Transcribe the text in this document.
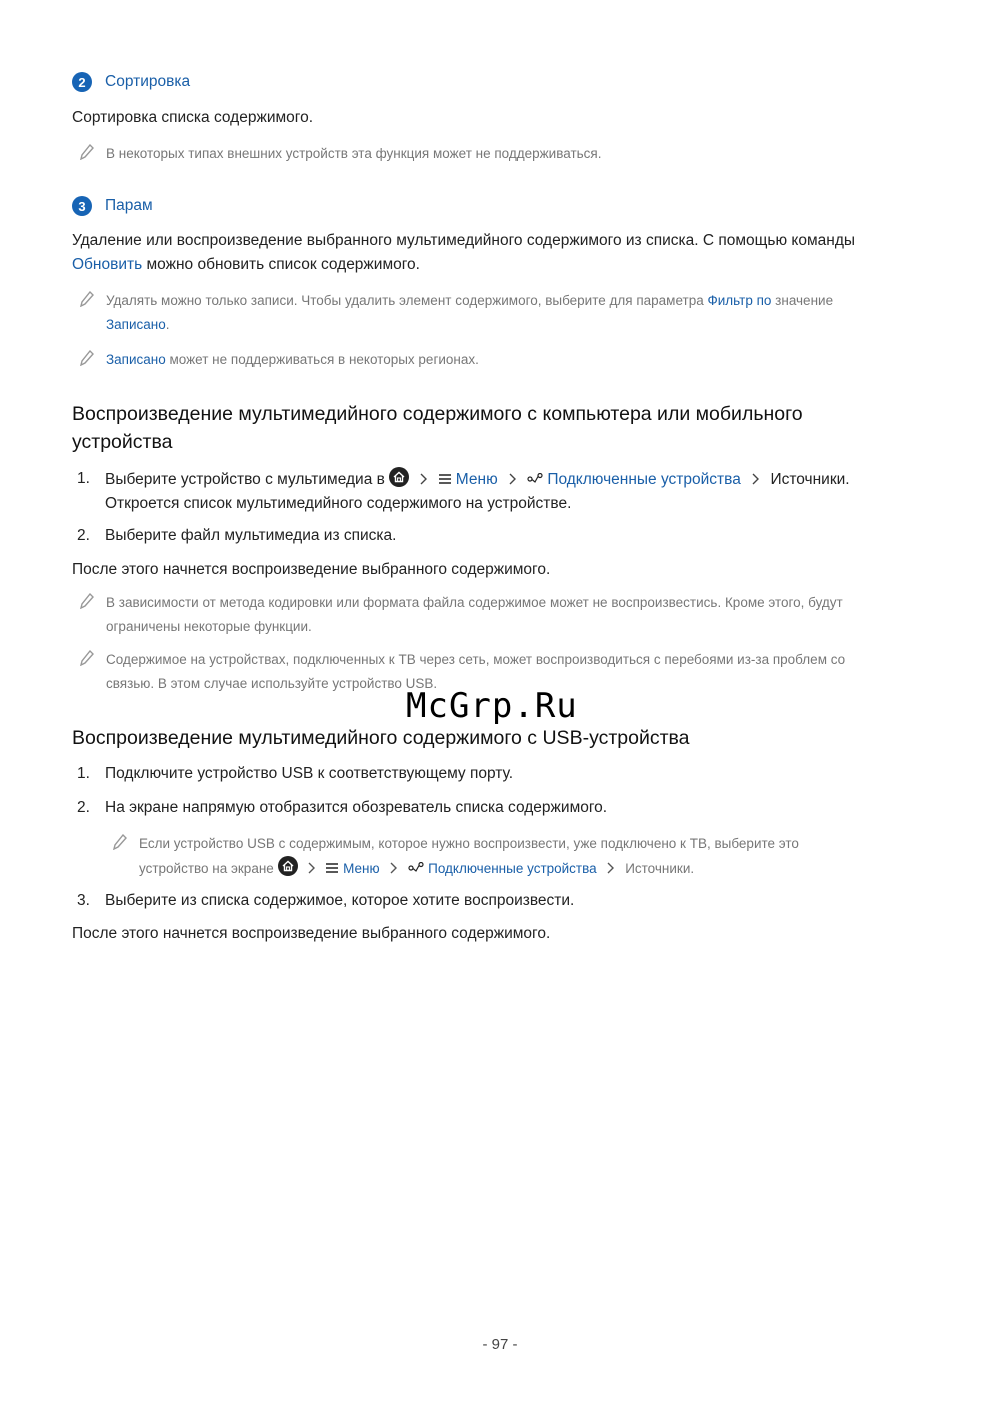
2	Сортировка
Сортировка списка содержимого.
В некоторых типах внешних устройств эта функция может не поддерживаться.
3	Парам
Удаление или воспроизведение выбранного мультимедийного содержимого из списка. С помощью команды
Обновить можно обновить список содержимого.
Удалять можно только записи. Чтобы удалить элемент содержимого, выберите для параметра Фильтр по значение
Записано.
Записано может не поддерживаться в некоторых регионах.
Воспроизведение мультимедийного содержимого с компьютера или мобильного
устройства
1. Выберите устройство с мультимедиа в	Меню	Подключенные устройства Источники.
Откроется список мультимедийного содержимого на устройстве.
2. Выберите файл мультимедиа из списка.
После этого начнется воспроизведение выбранного содержимого.
В зависимости от метода кодировки или формата файла содержимое может не воспроизвестись. Кроме этого, будут
ограничены некоторые функции.
Содержимое на устройствах, подключенных к ТВ через сеть, может воспроизводиться с перебоями из-за проблем со
связью. В этом случае используйте устройство USB.
McGrp.Ru
Воспроизведение мультимедийного содержимого с USB-устройства
1. Подключите устройство USB к соответствующему порту.
2. На экране напрямую отобразится обозреватель списка содержимого.
Если устройство USB с содержимым, которое нужно воспроизвести, уже подключено к ТВ, выберите это
устройство на экране	Меню	Подключенные устройства Источники.
3. Выберите из списка содержимое, которое хотите воспроизвести.
После этого начнется воспроизведение выбранного содержимого.
- 97 -
